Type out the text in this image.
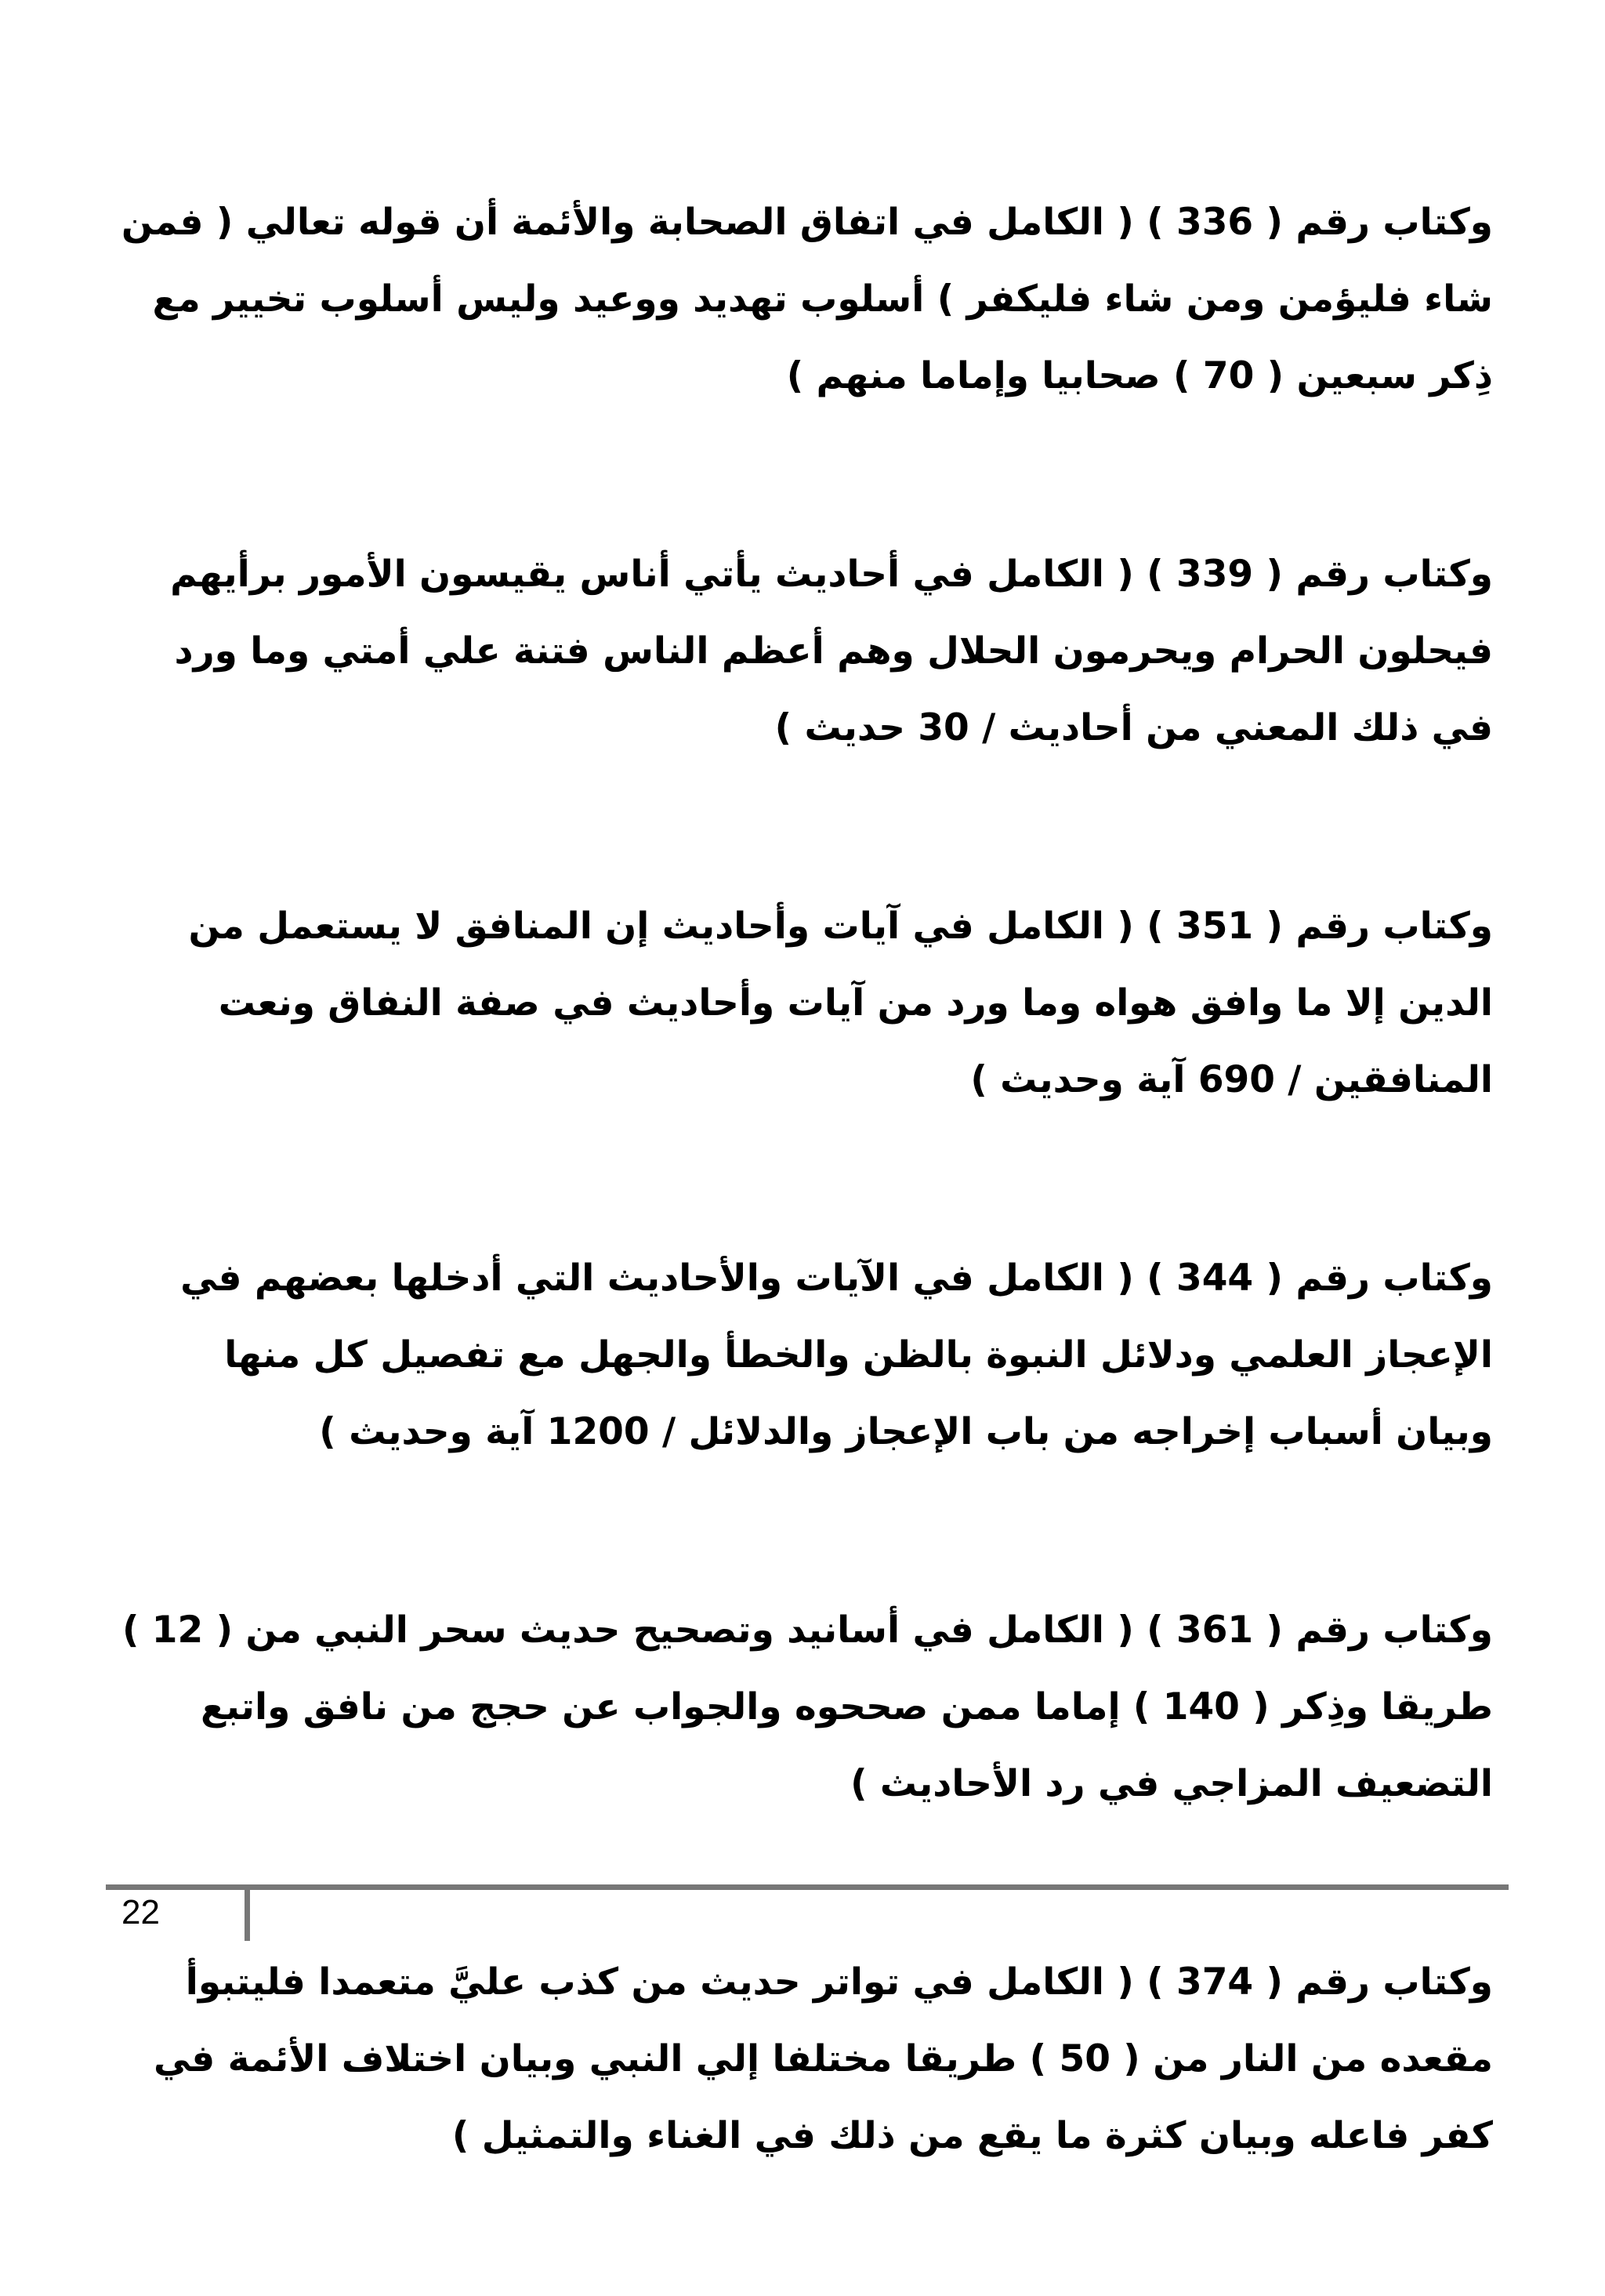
وكتاب رقم ( 336 ) ( الكامل في اتفاق الصحابة والأئمة أن قوله تعالي ( فمن شاء فليؤمن ومن شاء فليكفر ) أسلوب تهديد ووعيد وليس أسلوب تخيير مع ذِكر سبعين ( 70 ) صحابيا وإماما منهم )

وكتاب رقم ( 339 ) ( الكامل في أحاديث يأتي أناس يقيسون الأمور برأيهم فيحلون الحرام ويحرمون الحلال وهم أعظم الناس فتنة علي أمتي وما ورد في ذلك المعني من أحاديث / 30 حديث )

وكتاب رقم ( 351 ) ( الكامل في آيات وأحاديث إن المنافق لا يستعمل من الدين إلا ما وافق هواه وما ورد من آيات وأحاديث في صفة النفاق ونعت المنافقين / 690 آية وحديث )

وكتاب رقم ( 344 ) ( الكامل في الآيات والأحاديث التي أدخلها بعضهم في الإعجاز العلمي ودلائل النبوة بالظن والخطأ والجهل مع تفصيل كل منها وبيان أسباب إخراجه من باب الإعجاز والدلائل / 1200 آية وحديث )

وكتاب رقم ( 361 ) ( الكامل في أسانيد وتصحيح حديث سحر النبي من ( 12 ) طريقا وذِكر ( 140 ) إماما ممن صححوه والجواب عن حجج من نافق واتبع التضعيف المزاجي في رد الأحاديث )

وكتاب رقم ( 374 ) ( الكامل في تواتر حديث من كذب عليَّ متعمدا فليتبوأ مقعده من النار من ( 50 ) طريقا مختلفا إلي النبي وبيان اختلاف الأئمة في كفر فاعله وبيان كثرة ما يقع من ذلك في الغناء والتمثيل )

22
